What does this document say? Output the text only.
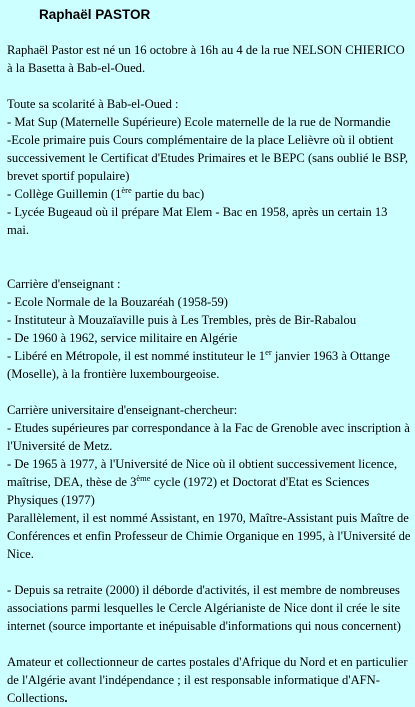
Raphaël PASTOR

Raphaël Pastor est né un 16 octobre à 16h au 4 de la rue NELSON CHIERICO à la Basetta à Bab-el-Oued.

Toute sa scolarité à Bab-el-Oued :

- Mat Sup (Maternelle Supérieure) Ecole maternelle de la rue de Normandie

-Ecole primaire puis Cours complémentaire de la place Lelièvre où il obtient successivement le Certificat d'Etudes Primaires et le BEPC (sans oublié le BSP, brevet sportif populaire)

- Collège Guillemin (1ère partie du bac)

- Lycée Bugeaud où il prépare Mat Elem - Bac en 1958, après un certain 13 mai.

Carrière d'enseignant :

- Ecole Normale de la Bouzaréah (1958-59)

- Instituteur à Mouzaïaville puis à Les Trembles, près de Bir-Rabalou

- De 1960 à 1962, service militaire en Algérie

- Libéré en Métropole, il est nommé instituteur le 1er janvier 1963 à Ottange (Moselle), à la frontière luxembourgeoise.

Carrière universitaire d'enseignant-chercheur:

- Etudes supérieures par correspondance à la Fac de Grenoble avec inscription à l'Université de Metz.

- De 1965 à 1977, à l'Université de Nice où il obtient successivement licence, maîtrise, DEA, thèse de 3ème cycle (1972) et Doctorat d'Etat es Sciences Physiques (1977)

Parallèlement, il est nommé Assistant, en 1970, Maître-Assistant puis Maître de Conférences et enfin Professeur de Chimie Organique en 1995, à l'Université de Nice.

- Depuis sa retraite (2000) il déborde d'activités, il est membre de nombreuses associations parmi lesquelles le Cercle Algérianiste de Nice dont il crée le site internet (source importante et inépuisable d'informations qui nous concernent)

Amateur et collectionneur de cartes postales d'Afrique du Nord et en particulier de l'Algérie avant l'indépendance ; il est responsable informatique d'AFN-Collections.
